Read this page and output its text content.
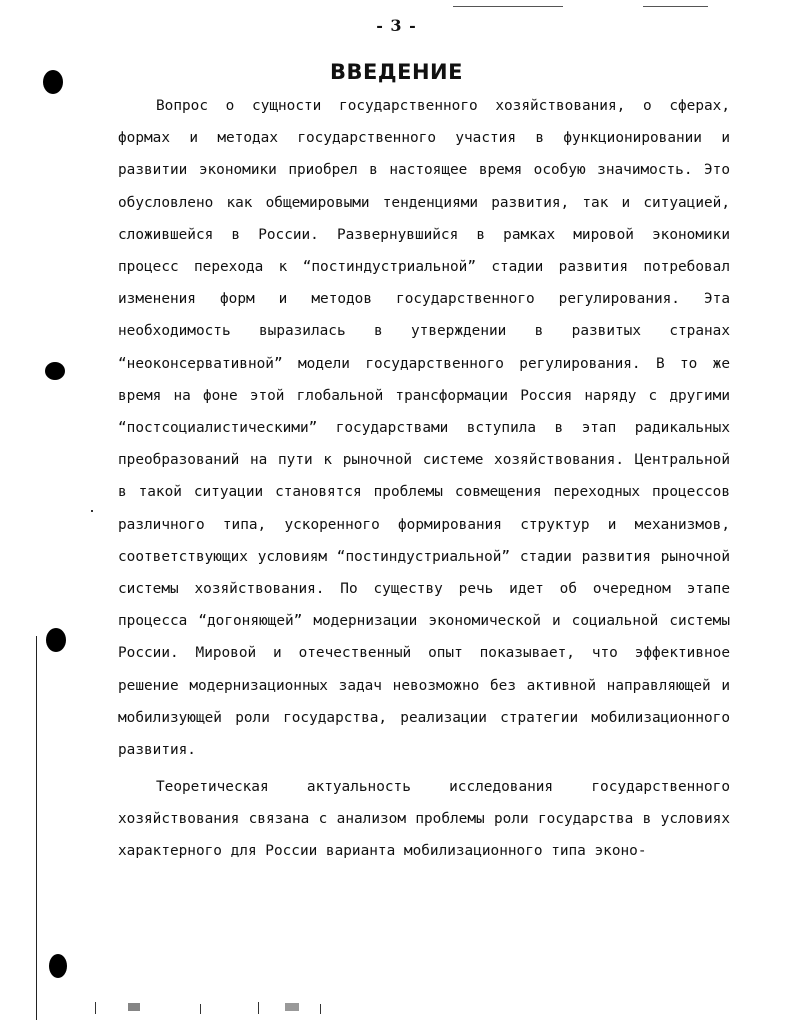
- 3 -
ВВЕДЕНИЕ

Вопрос о сущности государственного хозяйствования, о сферах, формах и методах государственного участия в функционировании и развитии экономики приобрел в настоящее время особую значимость. Это обусловлено как общемировыми тенденциями развития, так и ситуацией, сложившейся в России. Развернувшийся в рамках мировой экономики процесс перехода к “постиндустриальной” стадии развития потребовал изменения форм и методов государственного регулирования. Эта необходимость выразилась в утверждении в развитых странах “неоконсервативной” модели государственного регулирования. В то же время на фоне этой глобальной трансформации Россия наряду с другими “постсоциалистическими” государствами вступила в этап радикальных преобразований на пути к рыночной системе хозяйствования. Центральной в такой ситуации становятся проблемы совмещения переходных процессов различного типа, ускоренного формирования структур и механизмов, соответствующих условиям “постиндустриальной” стадии развития рыночной системы хозяйствования. По существу речь идет об очередном этапе процесса “догоняющей” модернизации экономической и социальной системы России. Мировой и отечественный опыт показывает, что эффективное решение модернизационных задач невозможно без активной направляющей и мобилизующей роли государства, реализации стратегии мобилизационного развития.

Теоретическая актуальность исследования государственного хозяйствования связана с анализом проблемы роли государства в условиях характерного для России варианта мобилизационного типа эконо-
